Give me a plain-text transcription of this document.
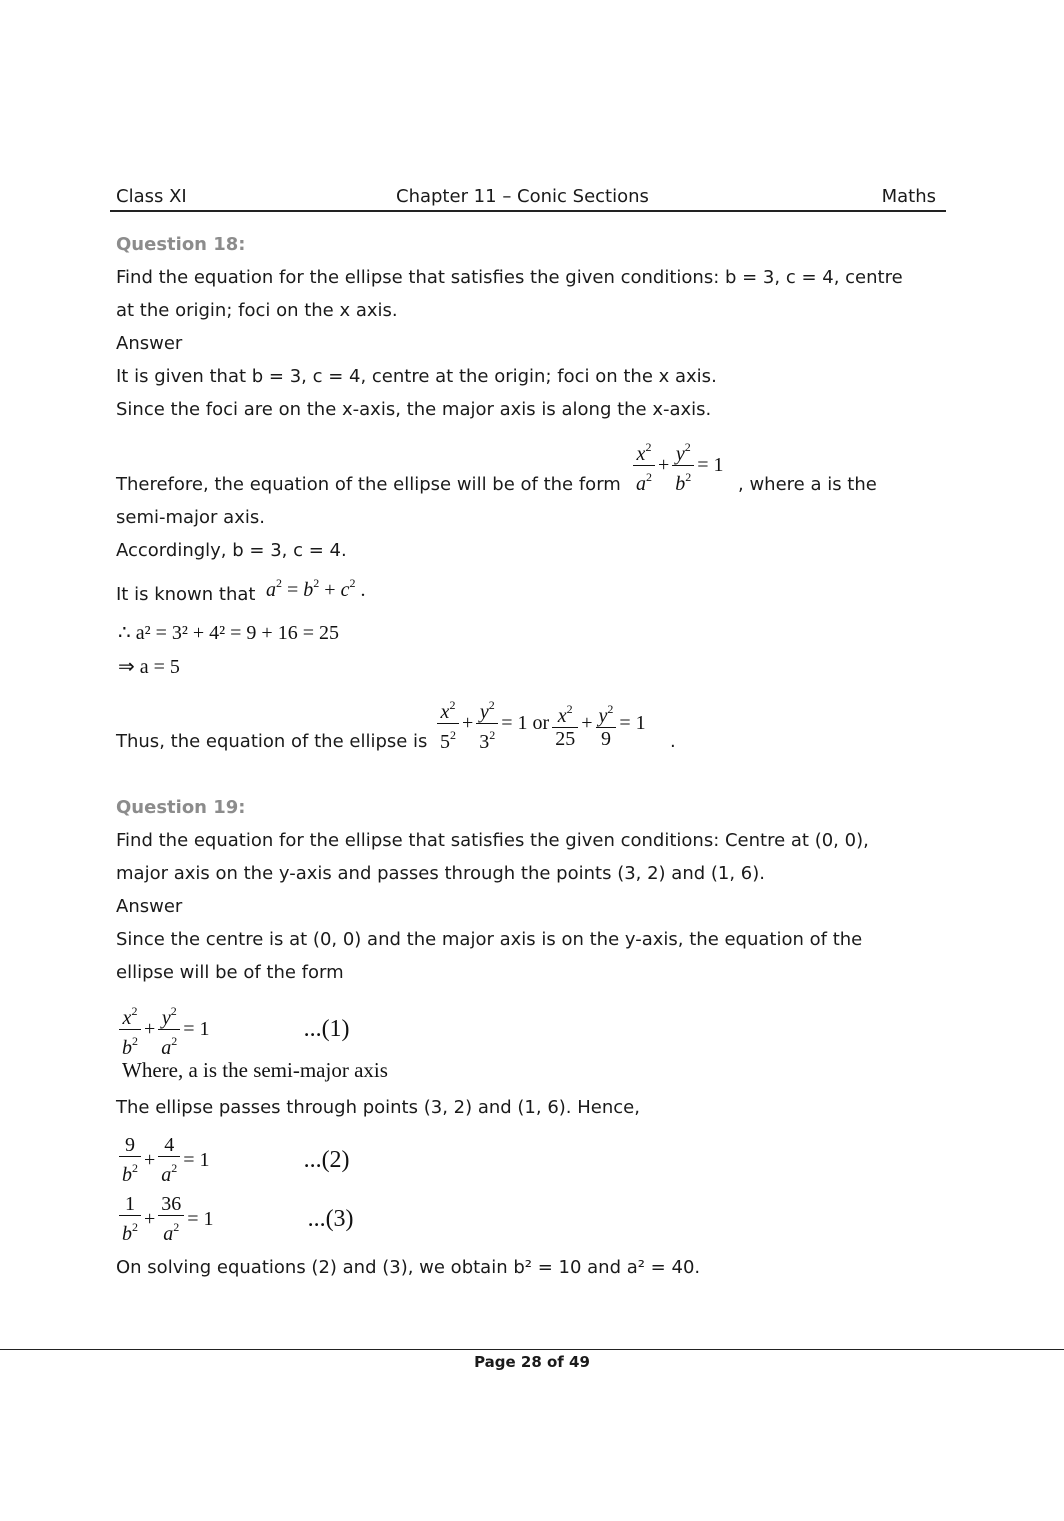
Class XI	Chapter 11 – Conic Sections	Maths
Question 18:
Find the equation for the ellipse that satisfies the given conditions: b = 3, c = 4, centre
at the origin; foci on the x axis.
Answer
It is given that b = 3, c = 4, centre at the origin; foci on the x axis.
Since the foci are on the x-axis, the major axis is along the x-axis.
Therefore, the equation of the ellipse will be of the form $\frac{x^2}{a^2} + \frac{y^2}{b^2} = 1$
, where a is the
semi-major axis.
Accordingly, b = 3, c = 4.
It is known that $a^2 = b^2 + c^2$ .
∴ a² = 3² + 4² = 9 + 16 = 25
⇒ a = 5
Thus, the equation of the ellipse is $\frac{x^2}{5^2} + \frac{y^2}{3^2} = 1$ or $\frac{x^2}{25} + \frac{y^2}{9} = 1$
.
Question 19:
Find the equation for the ellipse that satisfies the given conditions: Centre at (0, 0),
major axis on the y-axis and passes through the points (3, 2) and (1, 6).
Answer
Since the centre is at (0, 0) and the major axis is on the y-axis, the equation of the
ellipse will be of the form
$\frac{x^2}{b^2} + \frac{y^2}{a^2} = 1$	...(1)
Where, a is the semi-major axis
The ellipse passes through points (3, 2) and (1, 6). Hence,
$\frac{9}{b^2} + \frac{4}{a^2} = 1$	...(2)
$\frac{1}{b^2} + \frac{36}{a^2} = 1$	...(3)
On solving equations (2) and (3), we obtain b² = 10 and a² = 40.
Page 28 of 49
